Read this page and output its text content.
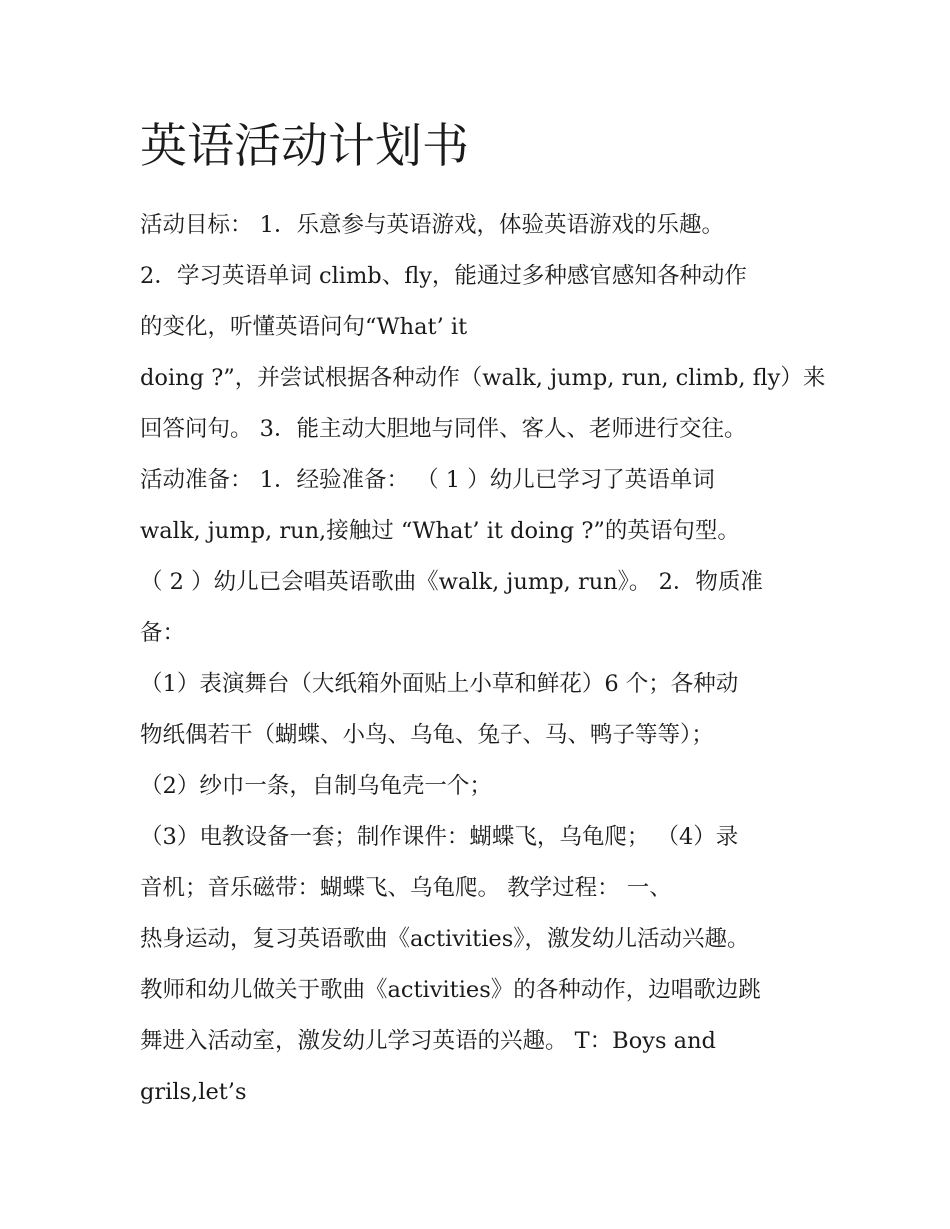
英语活动计划书
活动目标： 1．乐意参与英语游戏，体验英语游戏的乐趣。
2．学习英语单词 climb、fly，能通过多种感官感知各种动作
的变化，听懂英语问句“What’ it
doing ?”，并尝试根据各种动作（walk, jump, run, climb, fly）来
回答问句。 3．能主动大胆地与同伴、客人、老师进行交往。
活动准备： 1．经验准备： （ 1 ）幼儿已学习了英语单词
walk, jump, run,接触过 “What’ it doing ?”的英语句型。
（ 2 ）幼儿已会唱英语歌曲《walk, jump, run》。 2．物质准
备：
（1）表演舞台（大纸箱外面贴上小草和鲜花）6 个；各种动
物纸偶若干（蝴蝶、小鸟、乌龟、兔子、马、鸭子等等）；
（2）纱巾一条，自制乌龟壳一个；
（3）电教设备一套；制作课件：蝴蝶飞，乌龟爬； （4）录
音机；音乐磁带：蝴蝶飞、乌龟爬。 教学过程： 一、
热身运动，复习英语歌曲《activities》，激发幼儿活动兴趣。
教师和幼儿做关于歌曲《activities》的各种动作，边唱歌边跳
舞进入活动室，激发幼儿学习英语的兴趣。 T：Boys and
grils,let’s
